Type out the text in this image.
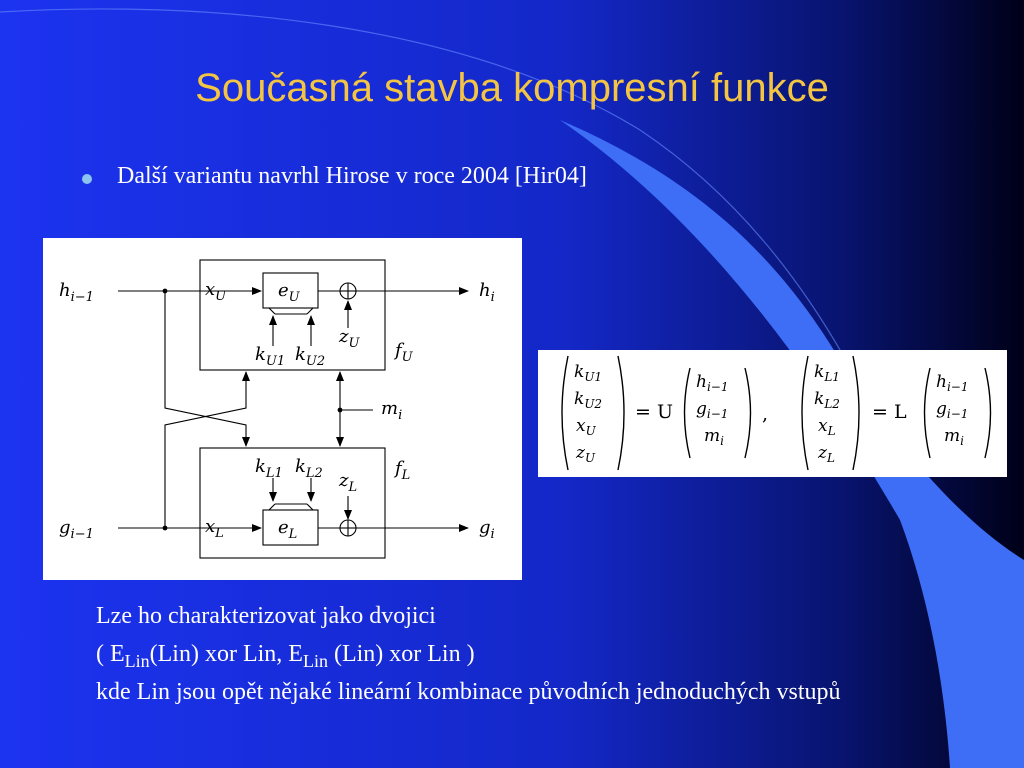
Současná stavba kompresní funkce
Další variantu navrhl Hirose v roce 2004 [Hir04]
$h_{i-1}$
$g_{i-1}$
$h_i$
$g_i$
$x_U$	$e_U$
$z_U$
$k_{U1}$ $k_{U2}$
$f_U$
$x_L$	$e_L$
$z_L$
$k_{L1}$ $k_{L2}$	$f_L$
$m_i$
$k_{U1}$
$k_{U2}$
$x_U$
$z_U$
= U
$h_{i-1}$
$g_{i-1}$
$m_i$
,
$k_{L1}$
$k_{L2}$
$x_L$
$z_L$
= L
$h_{i-1}$
$g_{i-1}$
$m_i$
Lze ho charakterizovat jako dvojici
( $E_{Lin}(Lin)$ xor Lin, $E_{Lin}$ (Lin) xor Lin )
kde Lin jsou opět nějaké lineární kombinace původních jednoduchých vstupů
